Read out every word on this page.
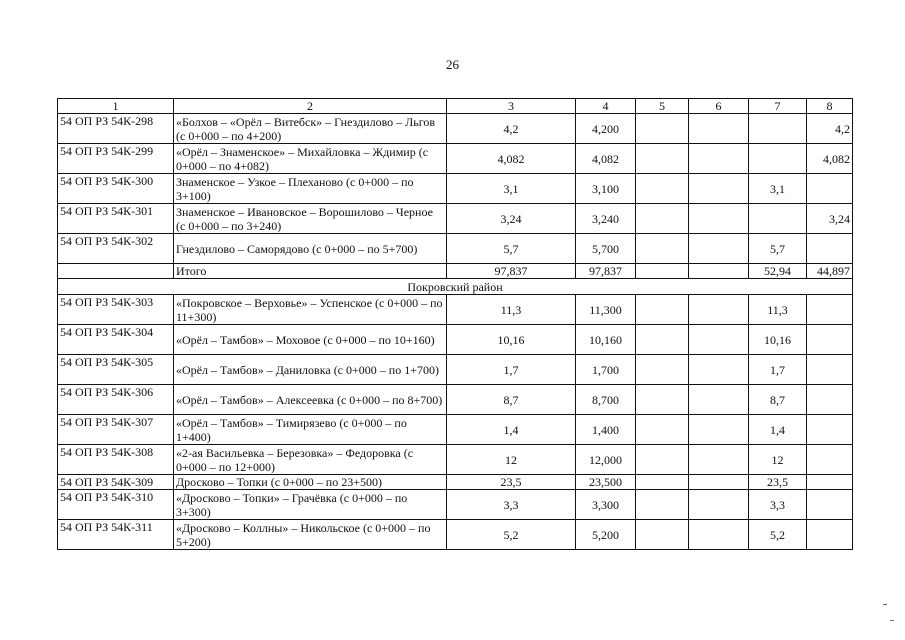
26
1	2	3	4	5	6	7	8
54 ОП РЗ 54К-298	«Болхов – «Орёл – Витебск» – Гнездилово – Льгов (с 0+000 – по 4+200)	4,2	4,200				4,2
54 ОП РЗ 54К-299	«Орёл – Знаменское» – Михайловка – Ждимир (с 0+000 – по 4+082)	4,082	4,082				4,082
54 ОП РЗ 54К-300	Знаменское – Узкое – Плеханово (с 0+000 – по 3+100)	3,1	3,100			3,1	
54 ОП РЗ 54К-301	Знаменское – Ивановское – Ворошилово – Черное (с 0+000 – по 3+240)	3,24	3,240				3,24
54 ОП РЗ 54К-302	Гнездилово – Саморядово (с 0+000 – по 5+700)	5,7	5,700			5,7	
	Итого	97,837	97,837			52,94	44,897
Покровский район							
54 ОП РЗ 54К-303	«Покровское – Верховье» – Успенское (с 0+000 – по 11+300)	11,3	11,300			11,3	
54 ОП РЗ 54К-304	«Орёл – Тамбов» – Моховое (с 0+000 – по 10+160)	10,16	10,160			10,16	
54 ОП РЗ 54К-305	«Орёл – Тамбов» – Даниловка (с 0+000 – по 1+700)	1,7	1,700			1,7	
54 ОП РЗ 54К-306	«Орёл – Тамбов» – Алексеевка (с 0+000 – по 8+700)	8,7	8,700			8,7	
54 ОП РЗ 54К-307	«Орёл – Тамбов» – Тимирязево (с 0+000 – по 1+400)	1,4	1,400			1,4	
54 ОП РЗ 54К-308	«2-ая Васильевка – Березовка» – Федоровка (с 0+000 – по 12+000)	12	12,000			12	
54 ОП РЗ 54К-309	Дросково – Топки (с 0+000 – по 23+500)	23,5	23,500			23,5	
54 ОП РЗ 54К-310	«Дросково – Топки» – Грачёвка (с 0+000 – по 3+300)	3,3	3,300			3,3	
54 ОП РЗ 54К-311	«Дросково – Коллны» – Никольское (с 0+000 – по 5+200)	5,2	5,200			5,2	
